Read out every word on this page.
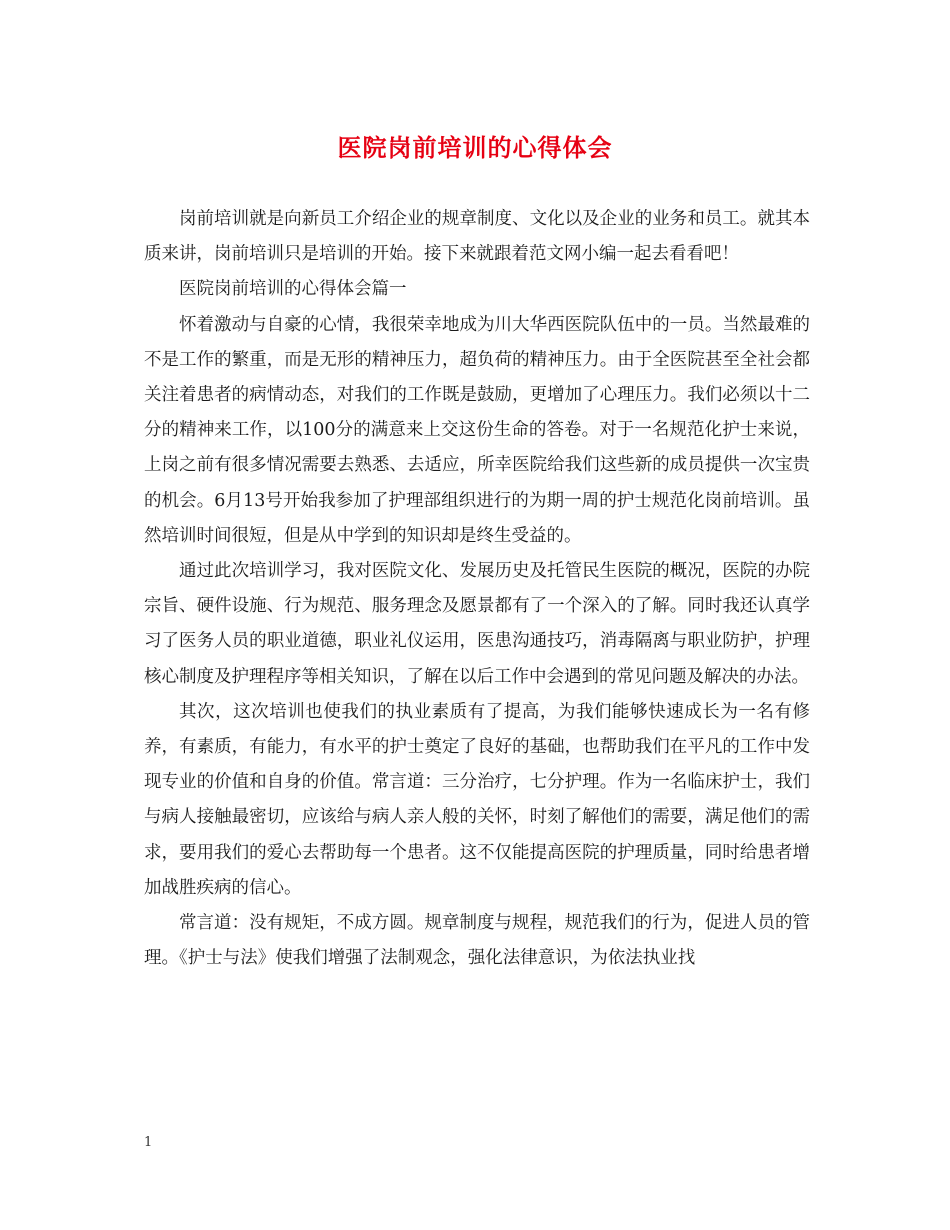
医院岗前培训的心得体会

岗前培训就是向新员工介绍企业的规章制度、文化以及企业的业务和员工。就其本质来讲，岗前培训只是培训的开始。接下来就跟着范文网小编一起去看看吧！

医院岗前培训的心得体会篇一

怀着激动与自豪的心情，我很荣幸地成为川大华西医院队伍中的一员。当然最难的不是工作的繁重，而是无形的精神压力，超负荷的精神压力。由于全医院甚至全社会都关注着患者的病情动态，对我们的工作既是鼓励，更增加了心理压力。我们必须以十二分的精神来工作，以100分的满意来上交这份生命的答卷。对于一名规范化护士来说，上岗之前有很多情况需要去熟悉、去适应，所幸医院给我们这些新的成员提供一次宝贵的机会。6月13号开始我参加了护理部组织进行的为期一周的护士规范化岗前培训。虽然培训时间很短，但是从中学到的知识却是终生受益的。

通过此次培训学习，我对医院文化、发展历史及托管民生医院的概况，医院的办院宗旨、硬件设施、行为规范、服务理念及愿景都有了一个深入的了解。同时我还认真学习了医务人员的职业道德，职业礼仪运用，医患沟通技巧，消毒隔离与职业防护，护理核心制度及护理程序等相关知识，了解在以后工作中会遇到的常见问题及解决的办法。

其次，这次培训也使我们的执业素质有了提高，为我们能够快速成长为一名有修养，有素质，有能力，有水平的护士奠定了良好的基础，也帮助我们在平凡的工作中发现专业的价值和自身的价值。常言道：三分治疗，七分护理。作为一名临床护士，我们与病人接触最密切，应该给与病人亲人般的关怀，时刻了解他们的需要，满足他们的需求，要用我们的爱心去帮助每一个患者。这不仅能提高医院的护理质量，同时给患者增加战胜疾病的信心。

常言道：没有规矩，不成方圆。规章制度与规程，规范我们的行为，促进人员的管理。《护士与法》使我们增强了法制观念，强化法律意识，为依法执业找

1
